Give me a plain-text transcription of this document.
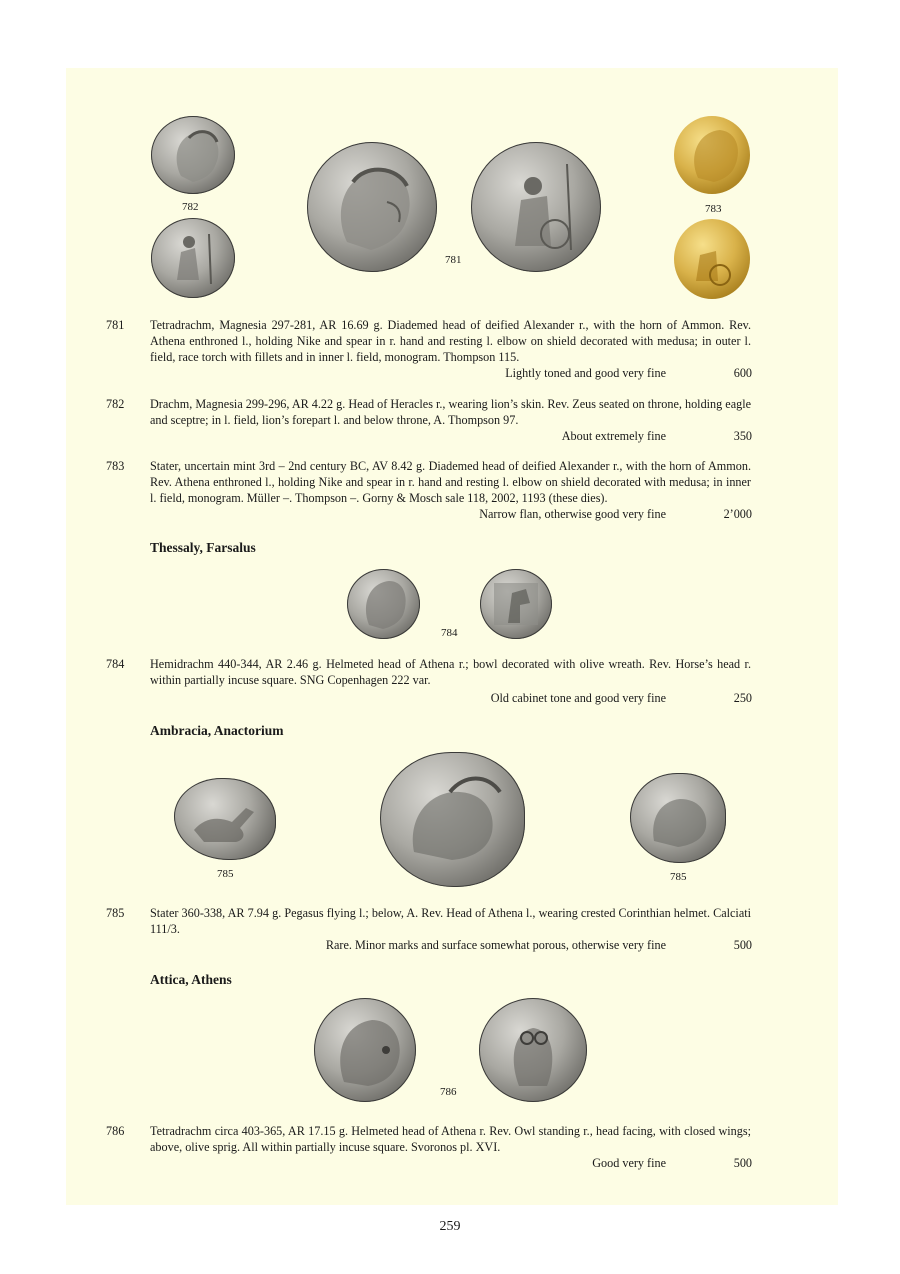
782
781
783
781 Tetradrachm, Magnesia 297-281, AR 16.69 g. Diademed head of deified Alexander r., with the horn of Ammon. Rev. Athena enthroned l., holding Nike and spear in r. hand and resting l. elbow on shield decorated with medusa; in outer l. field, race torch with fillets and in inner l. field, monogram. Thompson 115.
Lightly toned and good very fine	600
782 Drachm, Magnesia 299-296, AR 4.22 g. Head of Heracles r., wearing lion’s skin. Rev. Zeus seated on throne, holding eagle and sceptre; in l. field, lion’s forepart l. and below throne, A. Thompson 97.
About extremely fine	350
783 Stater, uncertain mint 3rd – 2nd century BC, AV 8.42 g. Diademed head of deified Alexander r., with the horn of Ammon. Rev. Athena enthroned l., holding Nike and spear in r. hand and resting l. elbow on shield decorated with medusa; in inner l. field, monogram. Müller –. Thompson –. Gorny & Mosch sale 118, 2002, 1193 (these dies).
Narrow flan, otherwise good very fine	2’000
Thessaly, Farsalus
784
784 Hemidrachm 440-344, AR 2.46 g. Helmeted head of Athena r.; bowl decorated with olive wreath. Rev. Horse’s head r. within partially incuse square. SNG Copenhagen 222 var.
Old cabinet tone and good very fine	250
Ambracia, Anactorium
785	785
785 Stater 360-338, AR 7.94 g. Pegasus flying l.; below, A. Rev. Head of Athena l., wearing crested Corinthian helmet. Calciati 111/3.
Rare. Minor marks and surface somewhat porous, otherwise very fine	500
Attica, Athens
786
786 Tetradrachm circa 403-365, AR 17.15 g. Helmeted head of Athena r. Rev. Owl standing r., head facing, with closed wings; above, olive sprig. All within partially incuse square. Svoronos pl. XVI.
Good very fine	500
259
